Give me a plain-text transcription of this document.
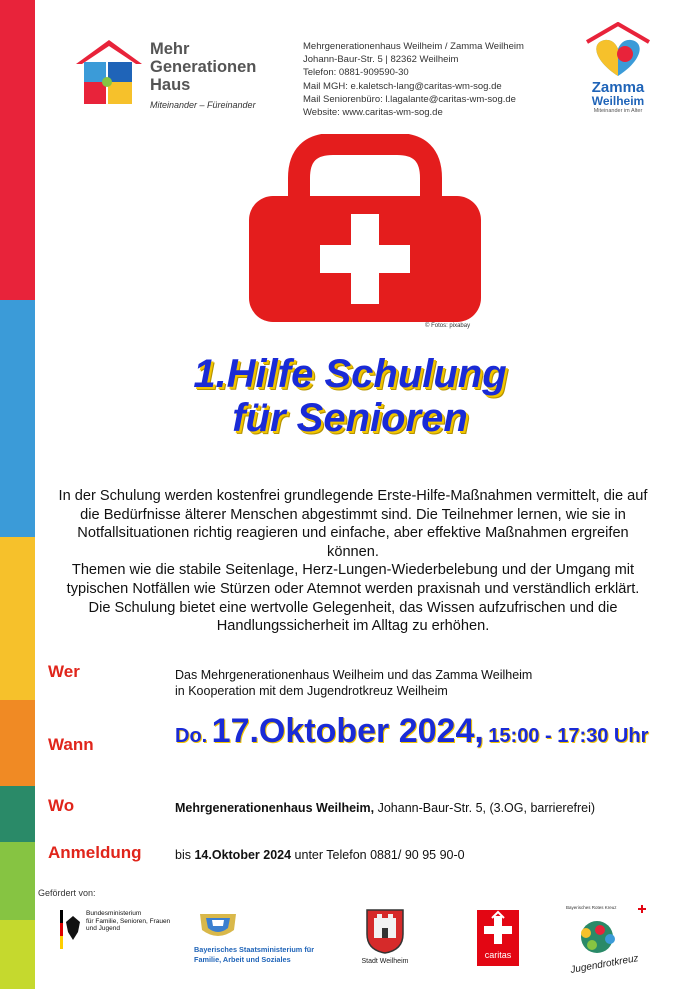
Mehr
Generationen
Haus
Miteinander – Füreinander
Mehrgenerationenhaus Weilheim / Zamma Weilheim
Johann-Baur-Str. 5 | 82362 Weilheim
Telefon: 0881-909590-30
Mail MGH: e.kaletsch-lang@caritas-wm-sog.de
Mail Seniorenbüro: l.lagalante@caritas-wm-sog.de
Website: www.caritas-wm-sog.de
Zamma
Weilheim
Miteinander im Alter
© Fotos: pixabay
1.Hilfe Schulung
für Senioren
In der Schulung werden kostenfrei grundlegende Erste-Hilfe-Maßnahmen vermittelt, die auf
die Bedürfnisse älterer Menschen abgestimmt sind. Die Teilnehmer lernen, wie sie in
Notfallsituationen richtig reagieren und einfache, aber effektive Maßnahmen ergreifen
können.
Themen wie die stabile Seitenlage, Herz-Lungen-Wiederbelebung und der Umgang mit
typischen Notfällen wie Stürzen oder Atemnot werden praxisnah und verständlich erklärt.
Die Schulung bietet eine wertvolle Gelegenheit, das Wissen aufzufrischen und die
Handlungssicherheit im Alltag zu erhöhen.
Wer	Das Mehrgenerationenhaus Weilheim und das Zamma Weilheim
in Kooperation mit dem Jugendrotkreuz Weilheim
Wann	Do. 17.Oktober 2024, 15:00 - 17:30 Uhr
Wo	Mehrgenerationenhaus Weilheim, Johann-Baur-Str. 5, (3.OG, barrierefrei)
Anmeldung	bis 14.Oktober 2024 unter Telefon 0881/ 90 95 90-0
Gefördert von:
Bundesministerium
für Familie, Senioren, Frauen
und Jugend
Bayerisches Staatsministerium für
Familie, Arbeit und Soziales	Stadt Weilheim
caritas
Bayerisches Rotes Kreuz
Jugendrotkreuz
